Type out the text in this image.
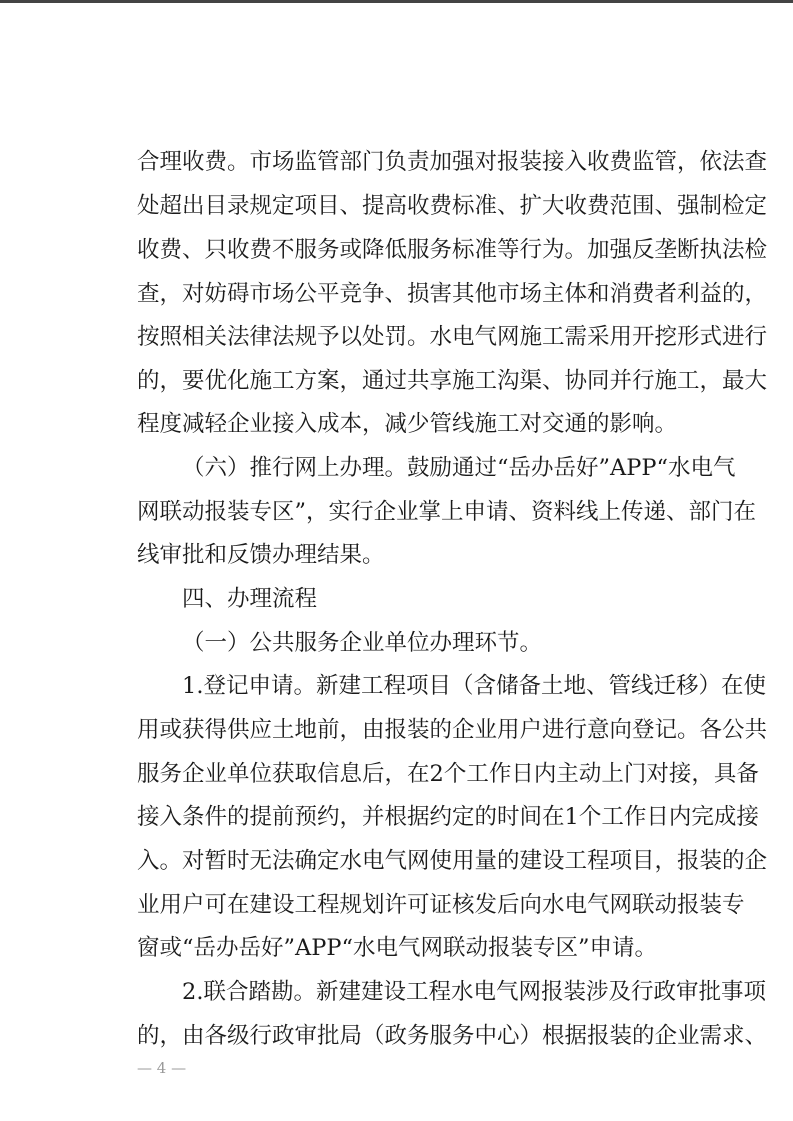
合理收费。市场监管部门负责加强对报装接入收费监管，依法查
处超出目录规定项目、提高收费标准、扩大收费范围、强制检定
收费、只收费不服务或降低服务标准等行为。加强反垄断执法检
查，对妨碍市场公平竞争、损害其他市场主体和消费者利益的，
按照相关法律法规予以处罚。水电气网施工需采用开挖形式进行
的，要优化施工方案，通过共享施工沟渠、协同并行施工，最大
程度减轻企业接入成本，减少管线施工对交通的影响。
（六）推行网上办理。鼓励通过“岳办岳好”APP“水电气
网联动报装专区”，实行企业掌上申请、资料线上传递、部门在
线审批和反馈办理结果。
四、办理流程
（一）公共服务企业单位办理环节。
1.登记申请。新建工程项目（含储备土地、管线迁移）在使
用或获得供应土地前，由报装的企业用户进行意向登记。各公共
服务企业单位获取信息后，在2个工作日内主动上门对接，具备
接入条件的提前预约，并根据约定的时间在1个工作日内完成接
入。对暂时无法确定水电气网使用量的建设工程项目，报装的企
业用户可在建设工程规划许可证核发后向水电气网联动报装专
窗或“岳办岳好”APP“水电气网联动报装专区”申请。
2.联合踏勘。新建建设工程水电气网报装涉及行政审批事项
的，由各级行政审批局（政务服务中心）根据报装的企业需求、
— 4 —
